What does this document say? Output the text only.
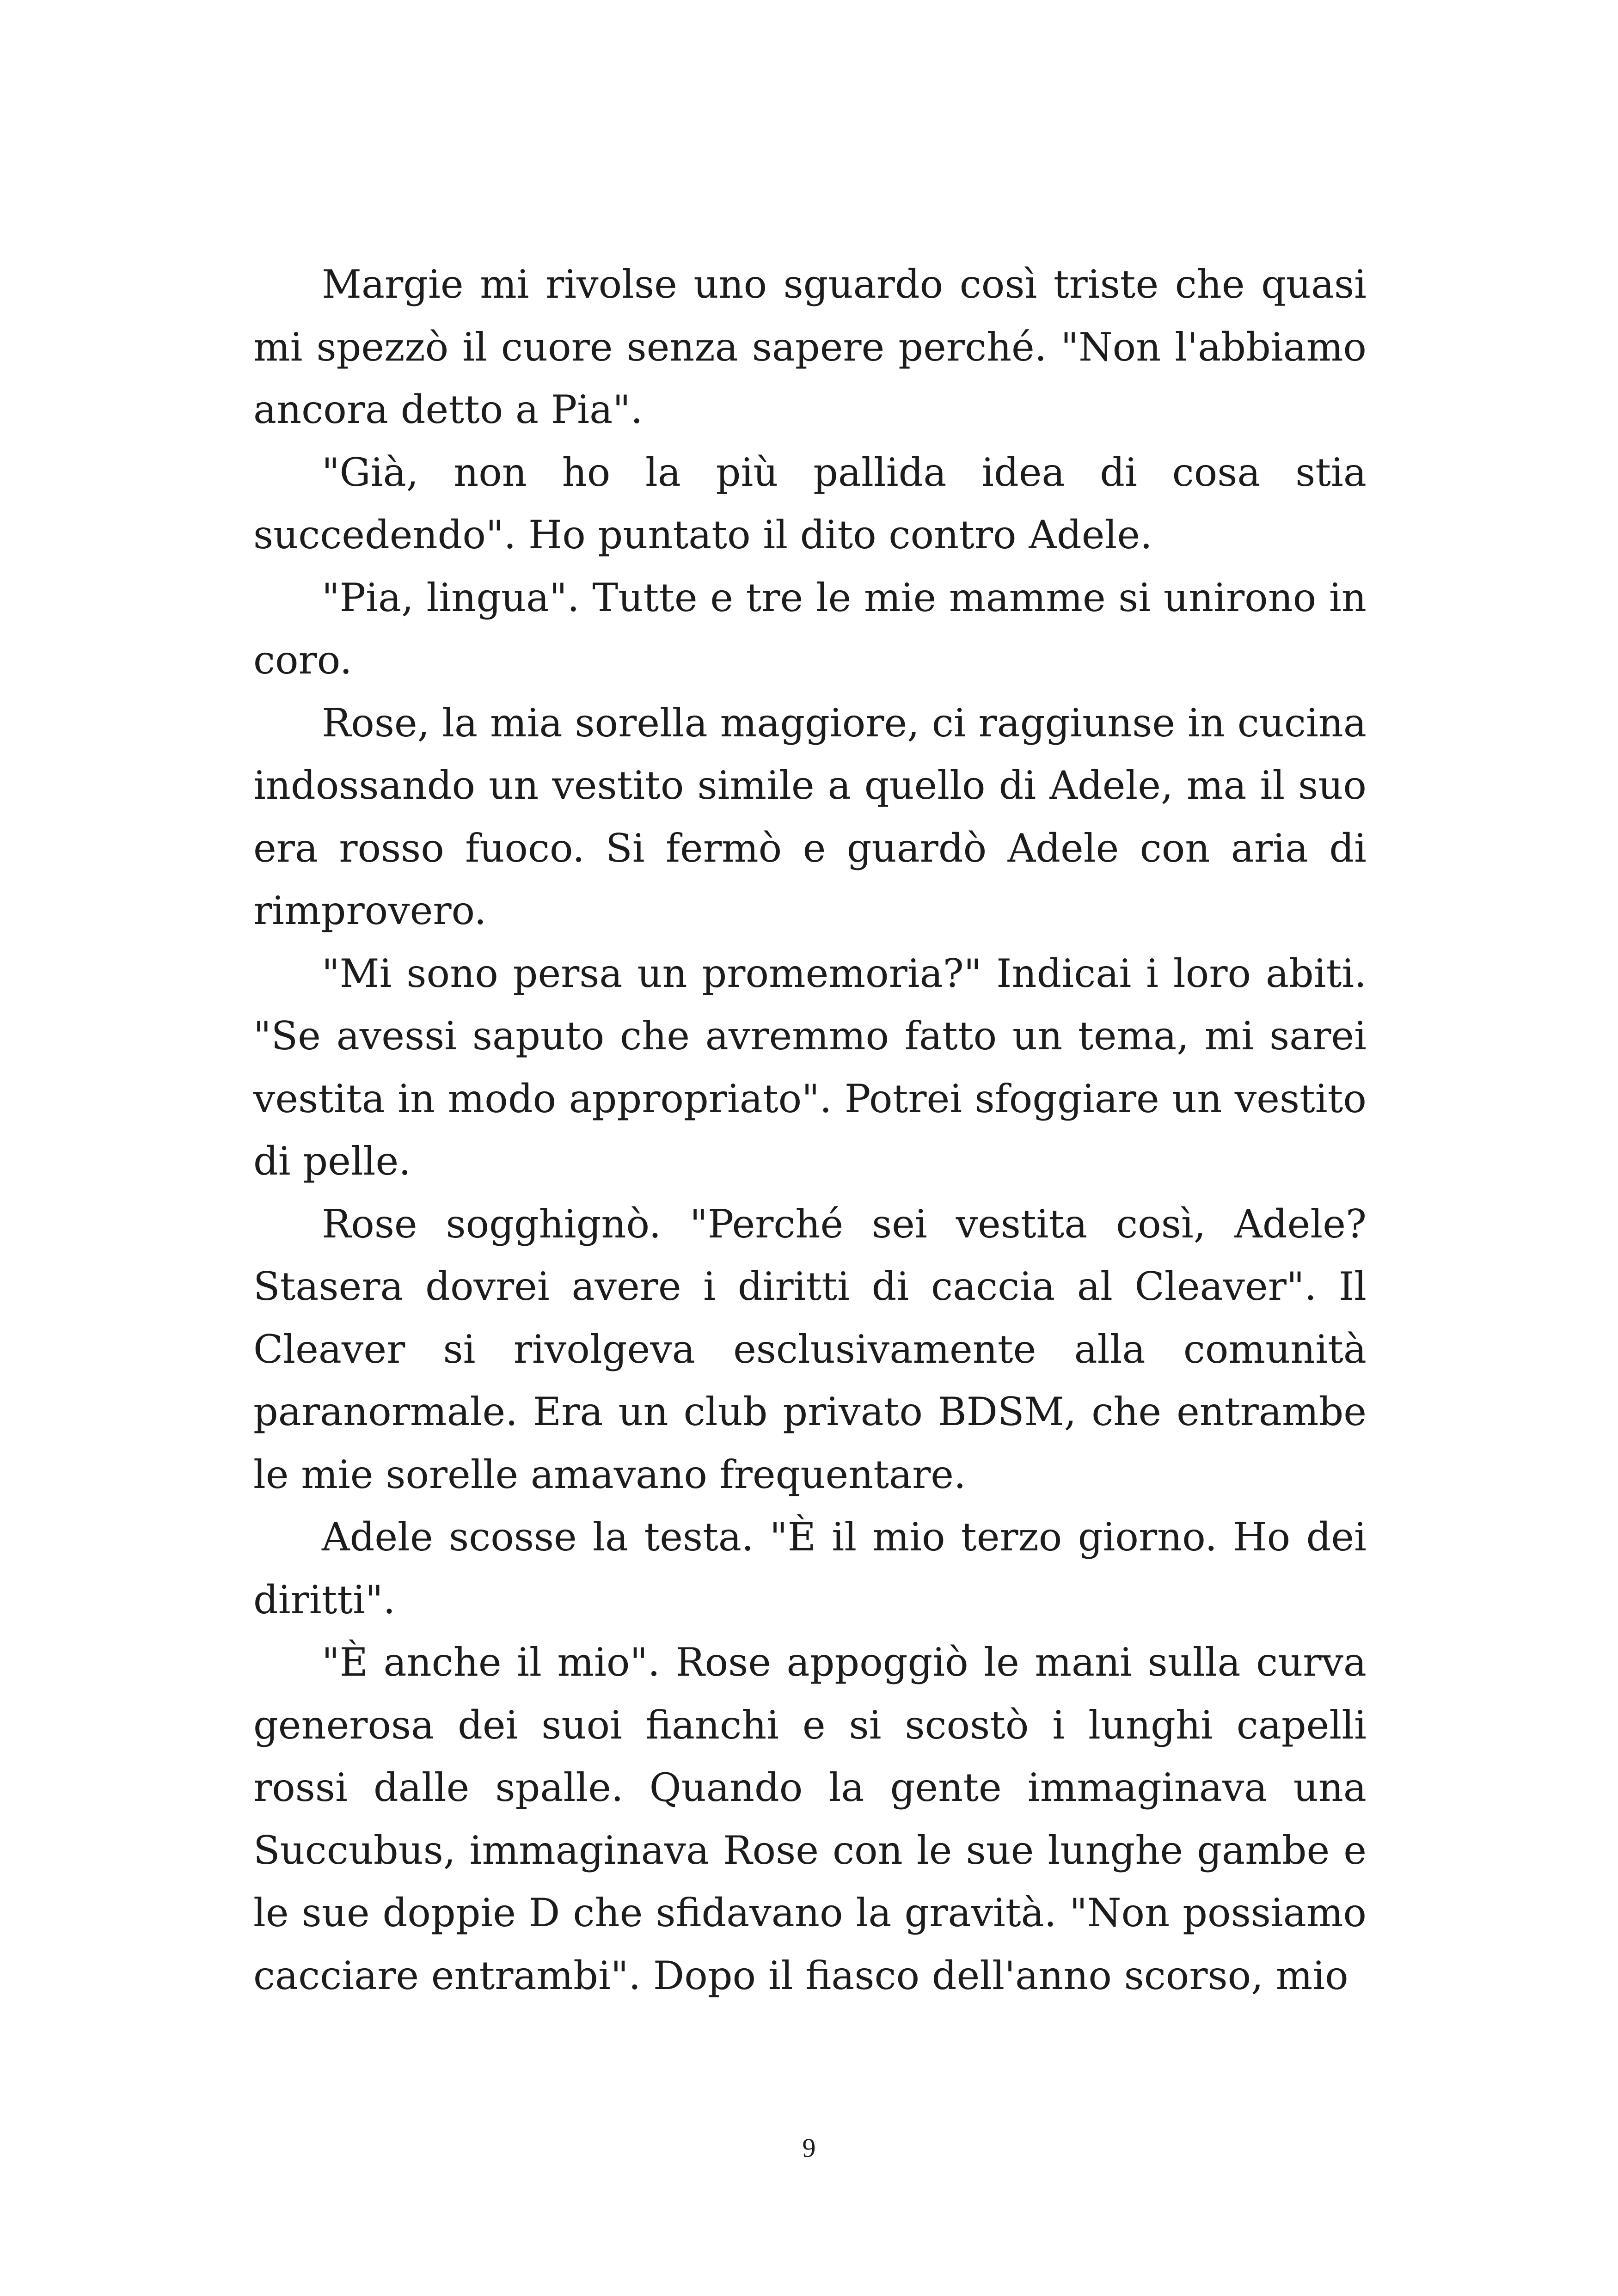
Margie mi rivolse uno sguardo così triste che quasi mi spezzò il cuore senza sapere perché. "Non l'abbiamo ancora detto a Pia".

"Già, non ho la più pallida idea di cosa stia succedendo". Ho puntato il dito contro Adele.

"Pia, lingua". Tutte e tre le mie mamme si unirono in coro.

Rose, la mia sorella maggiore, ci raggiunse in cucina indossando un vestito simile a quello di Adele, ma il suo era rosso fuoco. Si fermò e guardò Adele con aria di rimprovero.

"Mi sono persa un promemoria?" Indicai i loro abiti. "Se avessi saputo che avremmo fatto un tema, mi sarei vestita in modo appropriato". Potrei sfoggiare un vestito di pelle.

Rose sogghignò. "Perché sei vestita così, Adele? Stasera dovrei avere i diritti di caccia al Cleaver". Il Cleaver si rivolgeva esclusivamente alla comunità paranormale. Era un club privato BDSM, che entrambe le mie sorelle amavano frequentare.

Adele scosse la testa. "È il mio terzo giorno. Ho dei diritti".

"È anche il mio". Rose appoggiò le mani sulla curva generosa dei suoi fianchi e si scostò i lunghi capelli rossi dalle spalle. Quando la gente immaginava una Succubus, immaginava Rose con le sue lunghe gambe e le sue doppie D che sfidavano la gravità. "Non possiamo cacciare entrambi". Dopo il fiasco dell'anno scorso, mio

9
